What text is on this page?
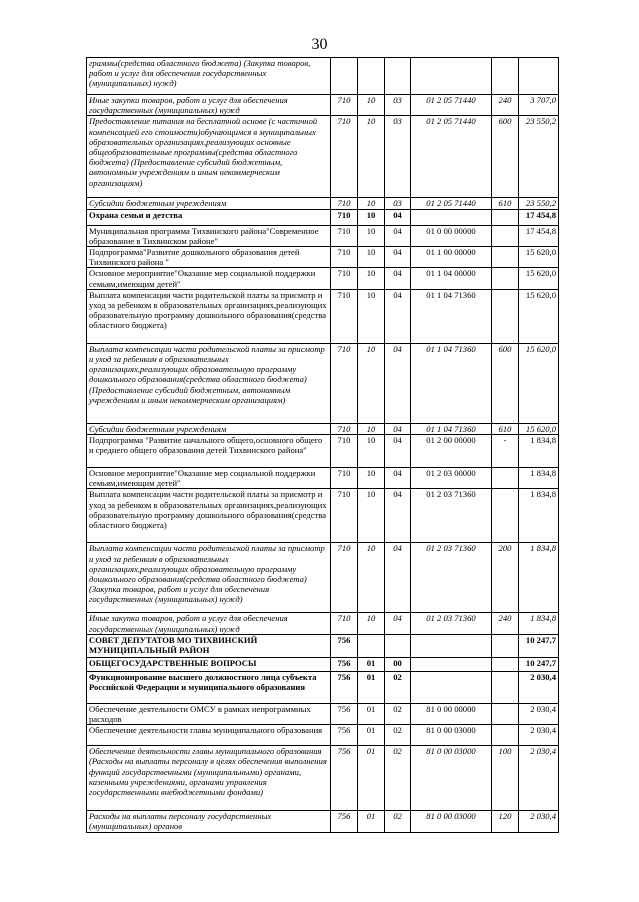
30
граммы(средства областного бюджета) (Закупка товаров, работ и услуг для обеспечения государственных (муниципальных) нужд)						
Иные закупки товаров, работ и услуг для обеспечения государственных (муниципальных) нужд	710	10	03	01 2 05 71440	240	3 707,0
Предоставление питания на бесплатной основе (с частичной компенсацией его стоимости)обучающимся в муниципальных образовательных организациях,реализующих основные общеобразовательные программы(средства областного бюджета) (Предоставление субсидий бюджетным, автономным учреждениям и иным некоммерческим организациям)	710	10	03	01 2 05 71440	600	23 550,2
Субсидии бюджетным учреждениям	710	10	03	01 2 05 71440	610	23 550,2
Охрана семьи и детства	710	10	04			17 454,8
Муниципальная программа Тихвинского района"Современное образование в Тихвинском районе"	710	10	04	01 0 00 00000		17 454,8
Подпрограмма"Развитие дошкольного образования детей Тихвинского района "	710	10	04	01 1 00 00000		15 620,0
Основное мероприятие"Оказание мер социальной поддержки семьям,имеющим детей"	710	10	04	01 1 04 00000		15 620,0
Выплата компенсации части родительской платы за присмотр и уход за ребенком в образовательных организациях,реализующих образовательную программу дошкольного образования(средства областного бюджета)	710	10	04	01 1 04 71360		15 620,0
Выплата компенсации части родительской платы за присмотр и уход за ребенком в образовательных организациях,реализующих образовательную программу дошкольного образования(средства областного бюджета) (Предоставление субсидий бюджетным, автономным учреждениям и иным некоммерческим организациям)	710	10	04	01 1 04 71360	600	15 620,0
Субсидии бюджетным учреждениям	710	10	04	01 1 04 71360	610	15 620,0
Подпрограмма "Развитие начального общего,основного общего и среднего общего образования детей Тихвинского района"	710	10	04	01 2 00 00000	-	1 834,8
Основное мероприятие"Оказание мер социальной поддержки семьям,имеющим детей"	710	10	04	01 2 03 00000		1 834,8
Выплата компенсации части родительской платы за присмотр и уход за ребенком в образовательных организациях,реализующих образовательную программу дошкольного образования(средства областного бюджета)	710	10	04	01 2 03 71360		1 834,8
Выплата компенсации части родительской платы за присмотр и уход за ребенком в образовательных организациях,реализующих образовательную программу дошкольного образования(средства областного бюджета) (Закупка товаров, работ и услуг для обеспечения государственных (муниципальных) нужд)	710	10	04	01 2 03 71360	200	1 834,8
Иные закупки товаров, работ и услуг для обеспечения государственных (муниципальных) нужд	710	10	04	01 2 03 71360	240	1 834,8
СОВЕТ ДЕПУТАТОВ МО ТИХВИНСКИЙ МУНИЦИПАЛЬНЫЙ РАЙОН	756					10 247,7
ОБЩЕГОСУДАРСТВЕННЫЕ ВОПРОСЫ	756	01	00			10 247,7
Функционирование высшего должностного лица субъекта Российской Федерации и муниципального образования	756	01	02			2 030,4
Обеспечение деятельности ОМСУ в рамках непрограммных расходов	756	01	02	81 0 00 00000		2 030,4
Обеспечение деятельности главы муниципального образования	756	01	02	81 0 00 03000		2 030,4
Обеспечение деятельности главы муниципального образования (Расходы на выплаты персоналу в целях обеспечения выполнения функций государственными (муниципальными) органами, казенными учреждениями, органами управления государственными внебюджетными фондами)	756	01	02	81 0 00 03000	100	2 030,4
Расходы на выплаты персоналу государственных (муниципальных) органов	756	01	02	81 0 00 03000	120	2 030,4
